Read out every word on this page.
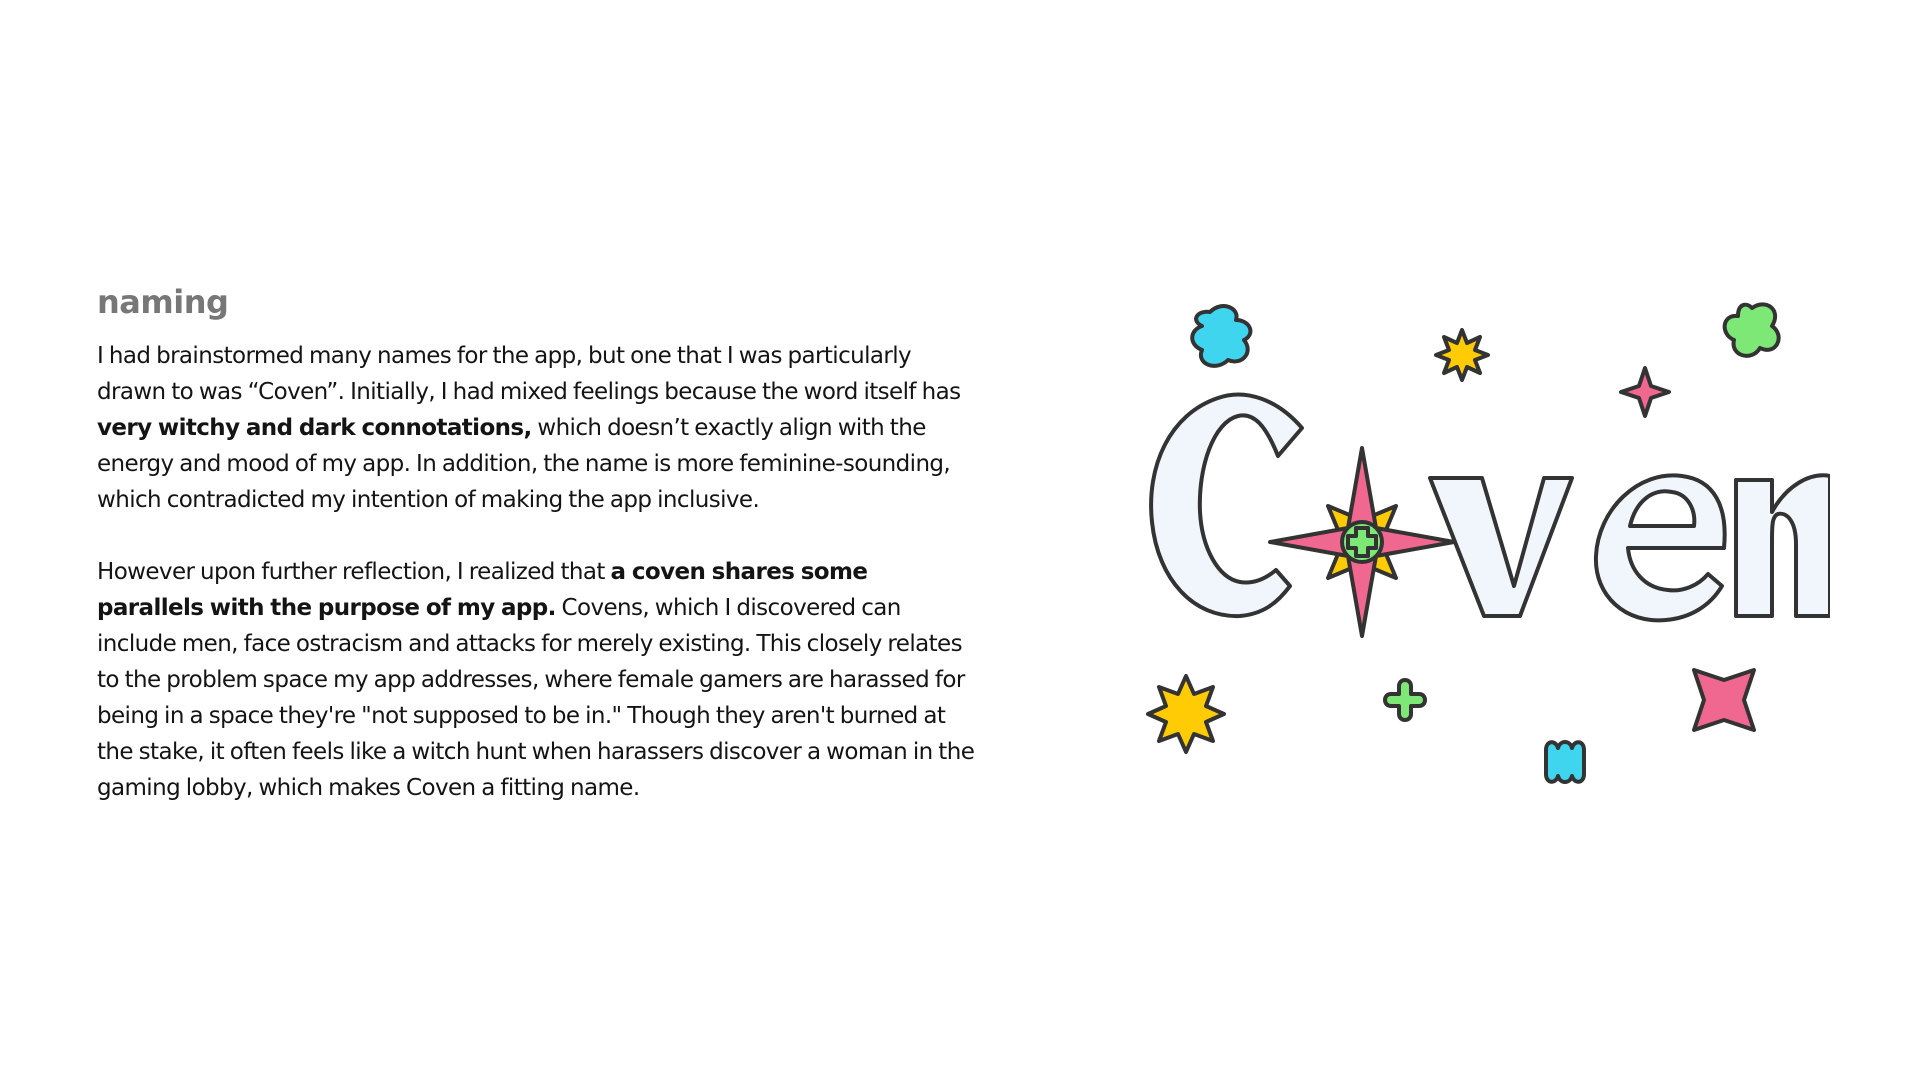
naming

I had brainstormed many names for the app, but one that I was particularly drawn to was “Coven”. Initially, I had mixed feelings because the word itself has very witchy and dark connotations, which doesn’t exactly align with the energy and mood of my app. In addition, the name is more feminine-sounding, which contradicted my intention of making the app inclusive.

However upon further reflection, I realized that a coven shares some parallels with the purpose of my app. Covens, which I discovered can include men, face ostracism and attacks for merely existing. This closely relates to the problem space my app addresses, where female gamers are harassed for being in a space they're "not supposed to be in." Though they aren't burned at the stake, it often feels like a witch hunt when harassers discover a woman in the gaming lobby, which makes Coven a fitting name.
